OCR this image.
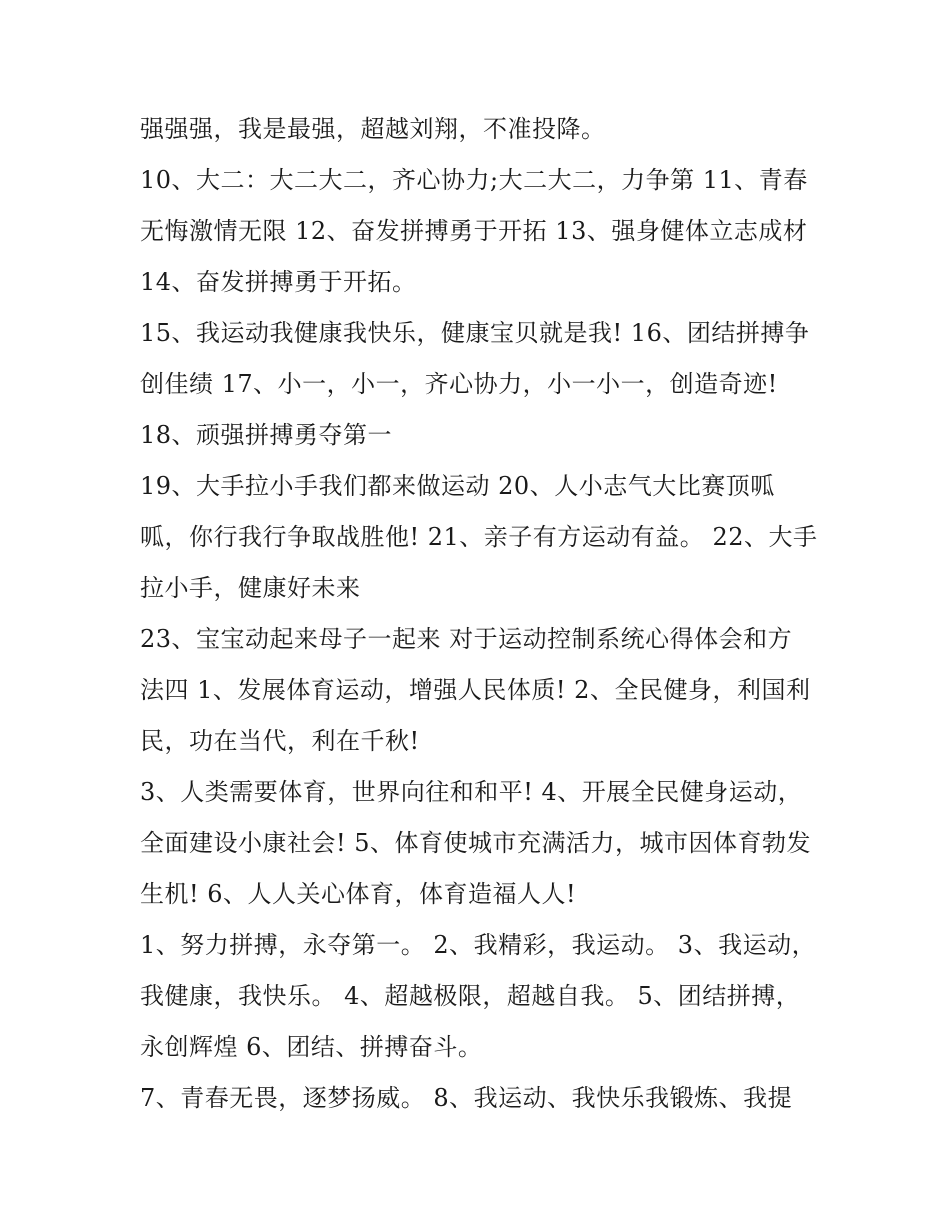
强强强，我是最强，超越刘翔，不准投降。
10、大二：大二大二，齐心协力;大二大二，力争第 11、青春
无悔激情无限 12、奋发拼搏勇于开拓 13、强身健体立志成材
14、奋发拼搏勇于开拓。
15、我运动我健康我快乐，健康宝贝就是我! 16、团结拼搏争
创佳绩 17、小一，小一，齐心协力，小一小一，创造奇迹!
18、顽强拼搏勇夺第一
19、大手拉小手我们都来做运动 20、人小志气大比赛顶呱
呱，你行我行争取战胜他! 21、亲子有方运动有益。 22、大手
拉小手，健康好未来
23、宝宝动起来母子一起来 对于运动控制系统心得体会和方
法四 1、发展体育运动，增强人民体质! 2、全民健身，利国利
民，功在当代，利在千秋!
3、人类需要体育，世界向往和和平! 4、开展全民健身运动，
全面建设小康社会! 5、体育使城市充满活力，城市因体育勃发
生机! 6、人人关心体育，体育造福人人!
1、努力拼搏，永夺第一。 2、我精彩，我运动。 3、我运动，
我健康，我快乐。 4、超越极限，超越自我。 5、团结拼搏，
永创辉煌 6、团结、拼搏奋斗。
7、青春无畏，逐梦扬威。 8、我运动、我快乐我锻炼、我提
